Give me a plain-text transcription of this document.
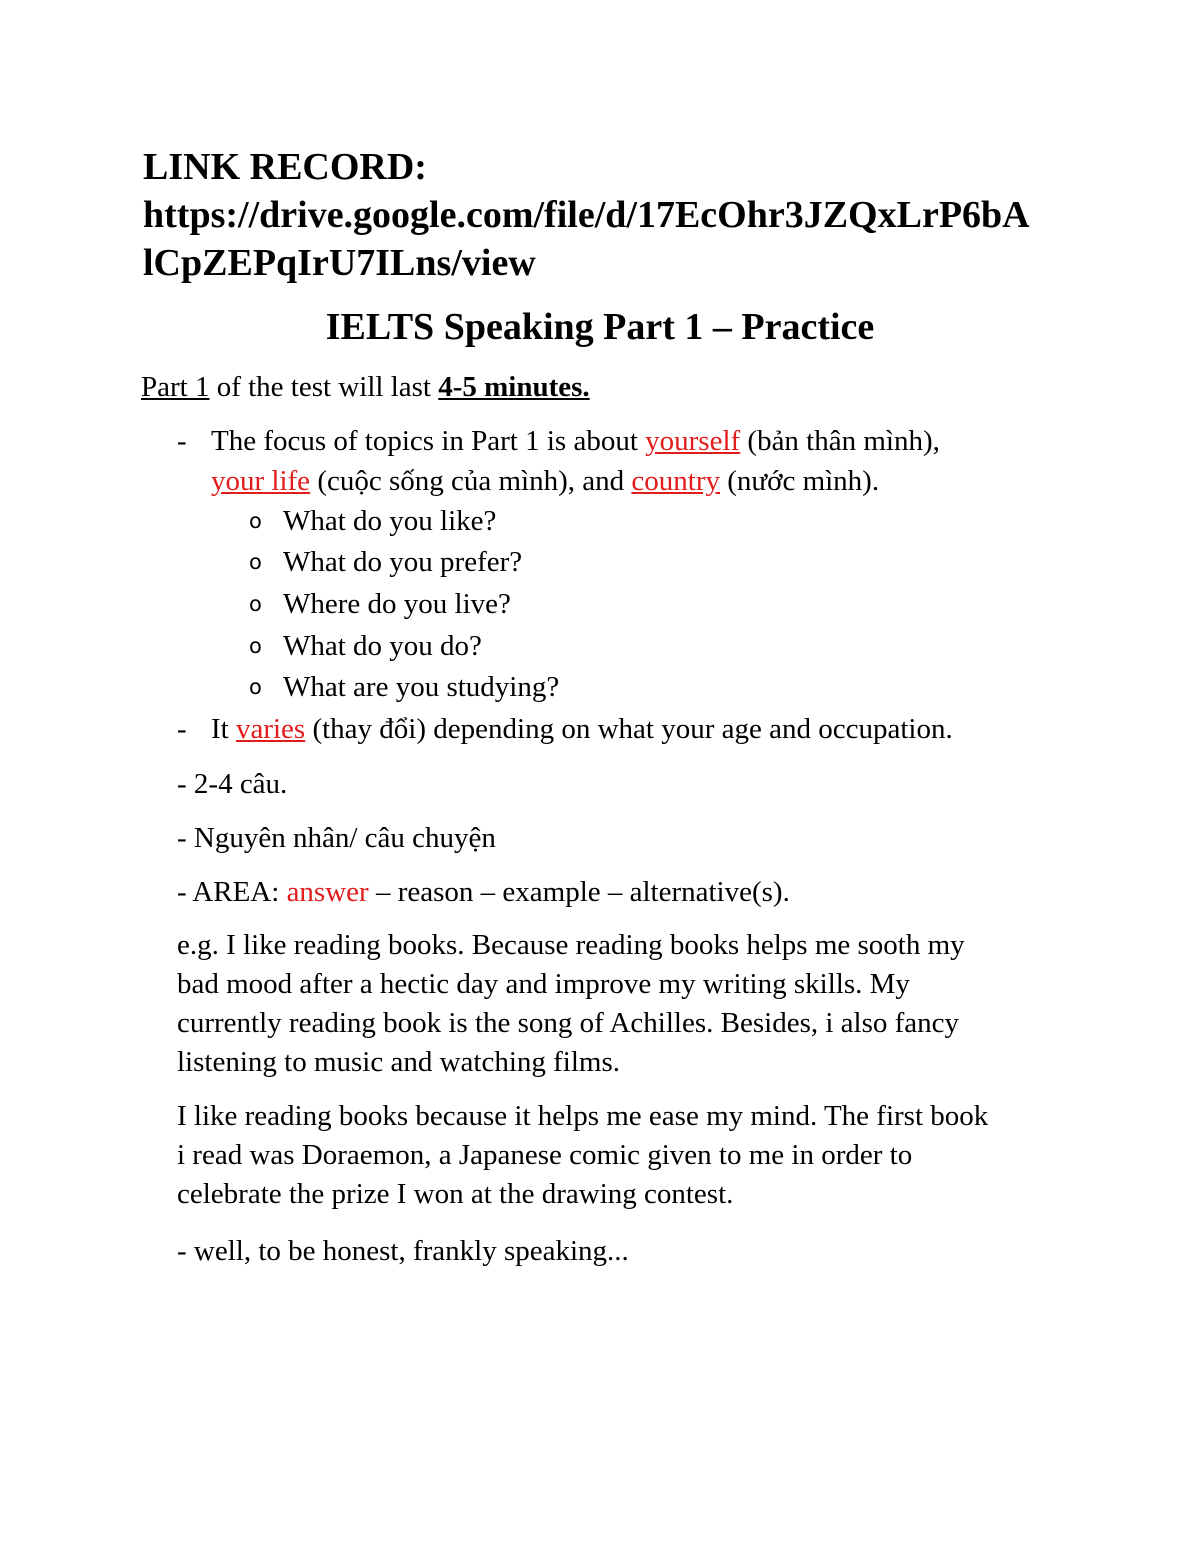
LINK RECORD:
https://drive.google.com/file/d/17EcOhr3JZQxLrP6bA
lCpZEPqIrU7ILns/view
IELTS Speaking Part 1 – Practice
Part 1 of the test will last 4-5 minutes.
- The focus of topics in Part 1 is about yourself (bản thân mình),
your life (cuộc sống của mình), and country (nước mình).
o What do you like?
o What do you prefer?
o Where do you live?
o What do you do?
o What are you studying?
- It varies (thay đổi) depending on what your age and occupation.
- 2-4 câu.
- Nguyên nhân/ câu chuyện
- AREA: answer – reason – example – alternative(s).
e.g. I like reading books. Because reading books helps me sooth my
bad mood after a hectic day and improve my writing skills. My
currently reading book is the song of Achilles. Besides, i also fancy
listening to music and watching films.
I like reading books because it helps me ease my mind. The first book
i read was Doraemon, a Japanese comic given to me in order to
celebrate the prize I won at the drawing contest.
- well, to be honest, frankly speaking...
